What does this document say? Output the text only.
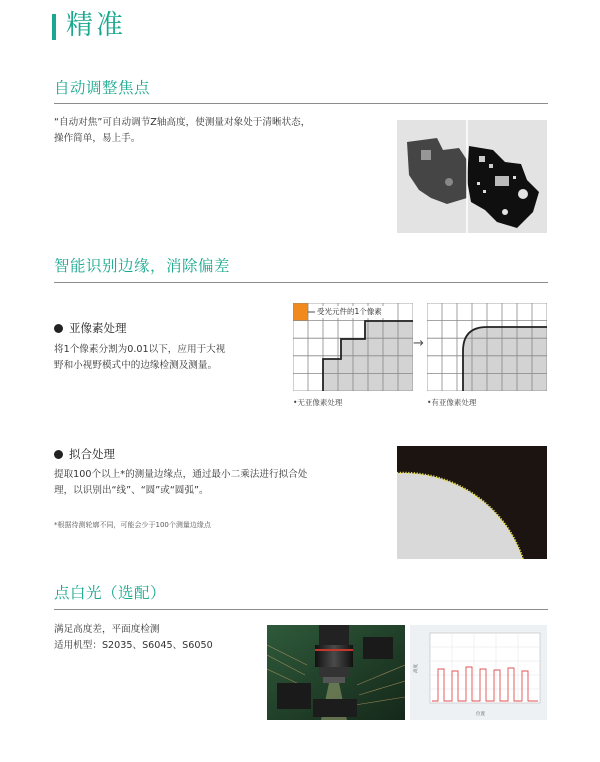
精准
自动调整焦点
“自动对焦”可自动调节Z轴高度，使测量对象处于清晰状态，
操作简单，易上手。
智能识别边缘，消除偏差
亚像素处理
将1个像素分割为0.01以下，应用于大视
野和小视野模式中的边缘检测及测量。
受光元件的1个像素
•无亚像素处理
→
•有亚像素处理
拟合处理
提取100个以上*的测量边缘点，通过最小二乘法进行拟合处
理，以识别出“线”、“圆”或“圆弧”。
*根据待测轮廓不同，可能会少于100个测量边缘点
点白光（选配）
满足高度差，平面度检测
适用机型：S2035、S6045、S6050
高度
位置
